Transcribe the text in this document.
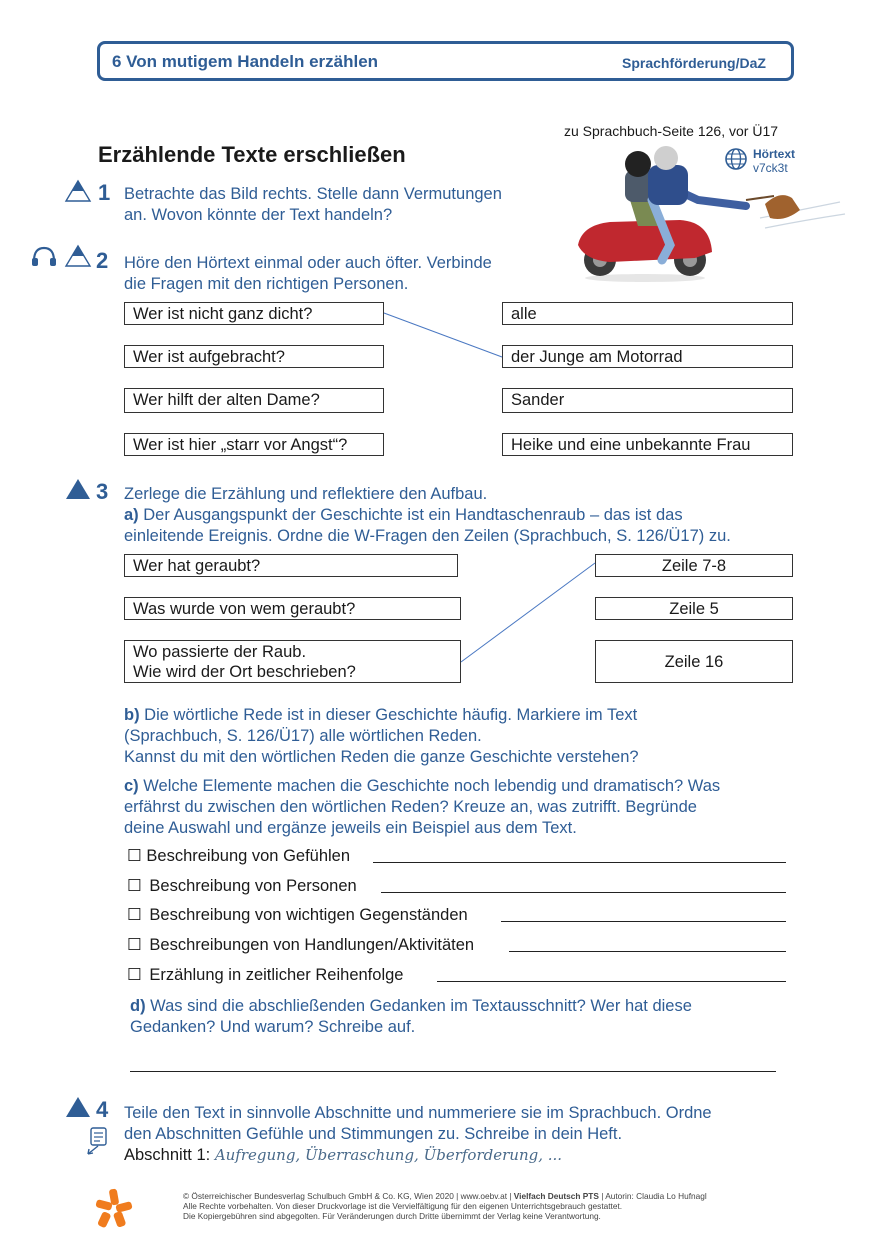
6 Von mutigem Handeln erzählen	Sprachförderung/DaZ
zu Sprachbuch-Seite 126, vor Ü17
Erzählende Texte erschließen	Hörtext
v7ck3t
1 Betrachte das Bild rechts. Stelle dann Vermutungen
an. Wovon könnte der Text handeln?
2 Höre den Hörtext einmal oder auch öfter. Verbinde
die Fragen mit den richtigen Personen.
Wer ist nicht ganz dicht?
Wer ist aufgebracht?
Wer hilft der alten Dame?
Wer ist hier „starr vor Angst“?
alle
der Junge am Motorrad
Sander
Heike und eine unbekannte Frau
3 Zerlege die Erzählung und reflektiere den Aufbau.
a) Der Ausgangspunkt der Geschichte ist ein Handtaschenraub – das ist das
einleitende Ereignis. Ordne die W-Fragen den Zeilen (Sprachbuch, S. 126/Ü17) zu.
Wer hat geraubt?
Was wurde von wem geraubt?
Wo passierte der Raub.
Wie wird der Ort beschrieben?
Zeile 7-8
Zeile 5
Zeile 16
b) Die wörtliche Rede ist in dieser Geschichte häufig. Markiere im Text
(Sprachbuch, S. 126/Ü17) alle wörtlichen Reden.
Kannst du mit den wörtlichen Reden die ganze Geschichte verstehen?
c) Welche Elemente machen die Geschichte noch lebendig und dramatisch? Was
erfährst du zwischen den wörtlichen Reden? Kreuze an, was zutrifft. Begründe
deine Auswahl und ergänze jeweils ein Beispiel aus dem Text.
☐ Beschreibung von Gefühlen
☐ Beschreibung von Personen
☐ Beschreibung von wichtigen Gegenständen
☐ Beschreibungen von Handlungen/Aktivitäten
☐ Erzählung in zeitlicher Reihenfolge
d) Was sind die abschließenden Gedanken im Textausschnitt? Wer hat diese
Gedanken? Und warum? Schreibe auf.
4 Teile den Text in sinnvolle Abschnitte und nummeriere sie im Sprachbuch. Ordne
den Abschnitten Gefühle und Stimmungen zu. Schreibe in dein Heft.
Abschnitt 1: Aufregung, Überraschung, Überforderung, ...
© Österreichischer Bundesverlag Schulbuch GmbH & Co. KG, Wien 2020 | www.oebv.at | Vielfach Deutsch PTS | Autorin: Claudia Lo Hufnagl
Alle Rechte vorbehalten. Von dieser Druckvorlage ist die Vervielfältigung für den eigenen Unterrichtsgebrauch gestattet.
Die Kopiergebühren sind abgegolten. Für Veränderungen durch Dritte übernimmt der Verlag keine Verantwortung.
